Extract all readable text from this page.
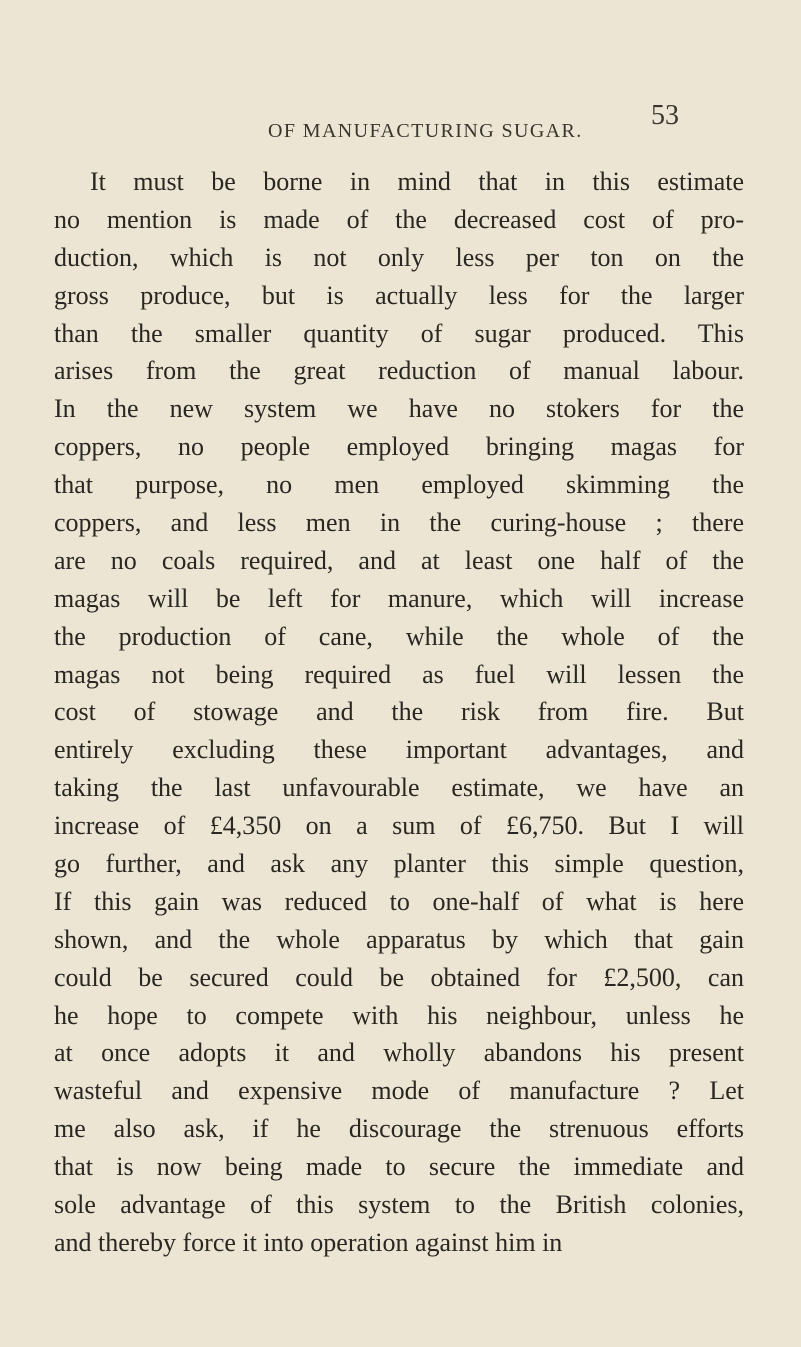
OF MANUFACTURING SUGAR. 53
It must be borne in mind that in this estimate
no mention is made of the decreased cost of pro-
duction, which is not only less per ton on the
gross produce, but is actually less for the larger
than the smaller quantity of sugar produced. This
arises from the great reduction of manual labour.
In the new system we have no stokers for the
coppers, no people employed bringing magas for
that purpose, no men employed skimming the
coppers, and less men in the curing-house ; there
are no coals required, and at least one half of the
magas will be left for manure, which will increase
the production of cane, while the whole of the
magas not being required as fuel will lessen the
cost of stowage and the risk from fire. But
entirely excluding these important advantages, and
taking the last unfavourable estimate, we have an
increase of £4,350 on a sum of £6,750. But I will
go further, and ask any planter this simple question,
If this gain was reduced to one-half of what is here
shown, and the whole apparatus by which that gain
could be secured could be obtained for £2,500, can
he hope to compete with his neighbour, unless he
at once adopts it and wholly abandons his present
wasteful and expensive mode of manufacture ? Let
me also ask, if he discourage the strenuous efforts
that is now being made to secure the immediate and
sole advantage of this system to the British colonies,
and thereby force it into operation against him in
